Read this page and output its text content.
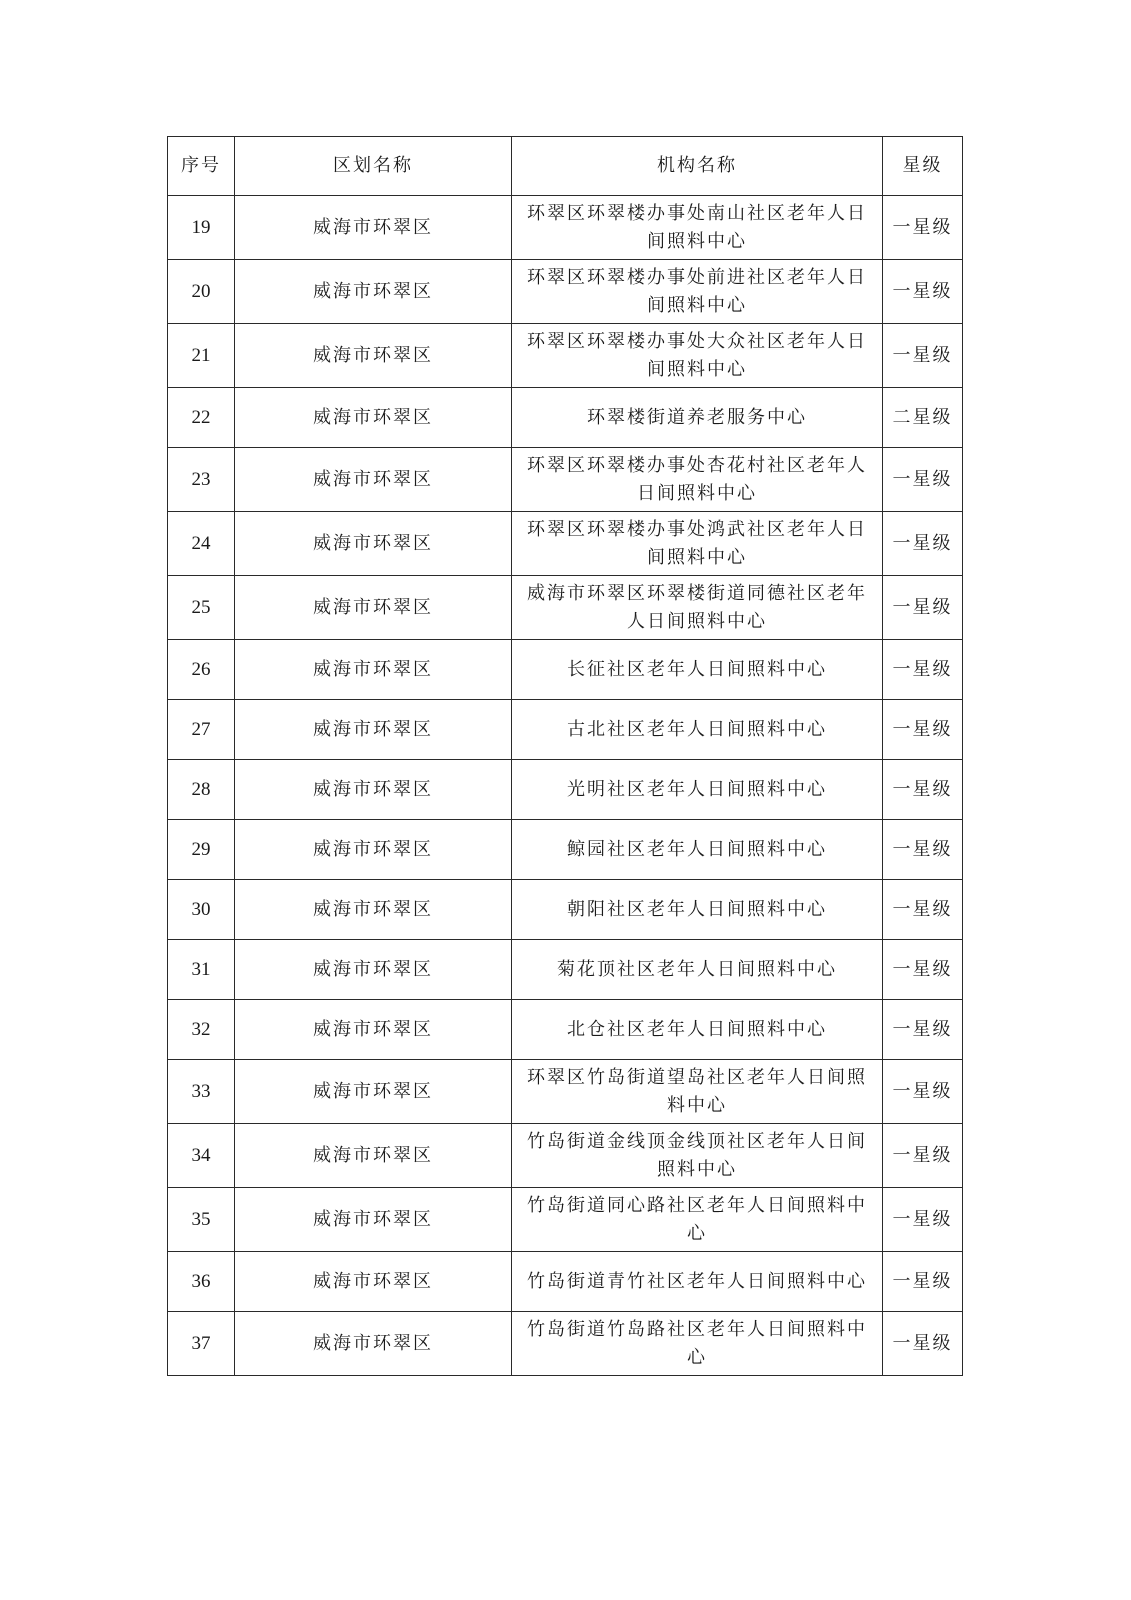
序号	区划名称	机构名称	星级
19	威海市环翠区	环翠区环翠楼办事处南山社区老年人日间照料中心	一星级
20	威海市环翠区	环翠区环翠楼办事处前进社区老年人日间照料中心	一星级
21	威海市环翠区	环翠区环翠楼办事处大众社区老年人日间照料中心	一星级
22	威海市环翠区	环翠楼街道养老服务中心	二星级
23	威海市环翠区	环翠区环翠楼办事处杏花村社区老年人日间照料中心	一星级
24	威海市环翠区	环翠区环翠楼办事处鸿武社区老年人日间照料中心	一星级
25	威海市环翠区	威海市环翠区环翠楼街道同德社区老年人日间照料中心	一星级
26	威海市环翠区	长征社区老年人日间照料中心	一星级
27	威海市环翠区	古北社区老年人日间照料中心	一星级
28	威海市环翠区	光明社区老年人日间照料中心	一星级
29	威海市环翠区	鲸园社区老年人日间照料中心	一星级
30	威海市环翠区	朝阳社区老年人日间照料中心	一星级
31	威海市环翠区	菊花顶社区老年人日间照料中心	一星级
32	威海市环翠区	北仓社区老年人日间照料中心	一星级
33	威海市环翠区	环翠区竹岛街道望岛社区老年人日间照料中心	一星级
34	威海市环翠区	竹岛街道金线顶金线顶社区老年人日间照料中心	一星级
35	威海市环翠区	竹岛街道同心路社区老年人日间照料中心	一星级
36	威海市环翠区	竹岛街道青竹社区老年人日间照料中心	一星级
37	威海市环翠区	竹岛街道竹岛路社区老年人日间照料中心	一星级
